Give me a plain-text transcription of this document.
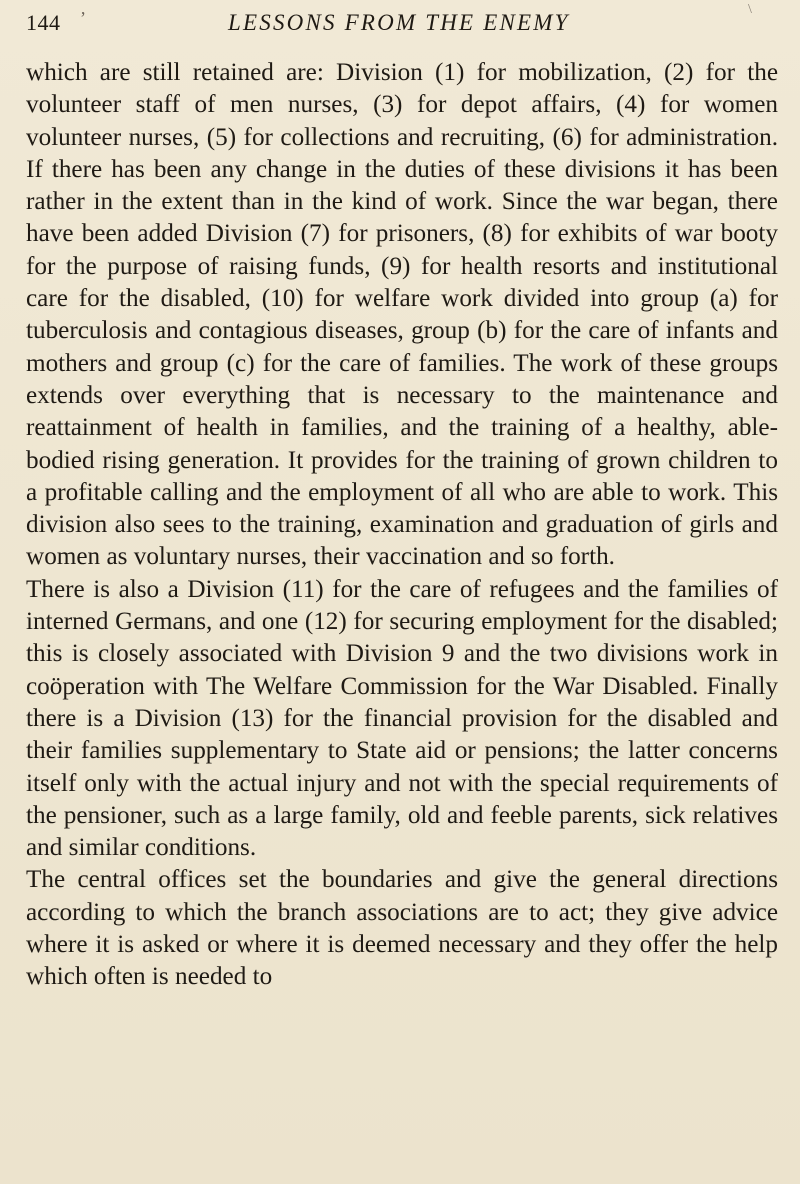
144 ʼ	LESSONS FROM THE ENEMY
\

which are still retained are: Division (1) for mobilization, (2) for the volunteer staff of men nurses, (3) for depot affairs, (4) for women volunteer nurses, (5) for collections and recruiting, (6) for administration. If there has been any change in the duties of these divisions it has been rather in the extent than in the kind of work. Since the war began, there have been added Division (7) for prisoners, (8) for exhibits of war booty for the purpose of raising funds, (9) for health resorts and institutional care for the disabled, (10) for welfare work divided into group (a) for tuberculosis and contagious diseases, group (b) for the care of infants and mothers and group (c) for the care of families. The work of these groups extends over everything that is necessary to the maintenance and reattainment of health in families, and the training of a healthy, able-bodied rising generation. It provides for the training of grown children to a profitable calling and the employment of all who are able to work. This division also sees to the training, examination and graduation of girls and women as voluntary nurses, their vaccination and so forth.

There is also a Division (11) for the care of refugees and the families of interned Germans, and one (12) for securing employment for the disabled; this is closely associated with Division 9 and the two divisions work in coöperation with The Welfare Commission for the War Disabled. Finally there is a Division (13) for the financial provision for the disabled and their families supplementary to State aid or pensions; the latter concerns itself only with the actual injury and not with the special requirements of the pensioner, such as a large family, old and feeble parents, sick relatives and similar conditions.

The central offices set the boundaries and give the general directions according to which the branch associations are to act; they give advice where it is asked or where it is deemed necessary and they offer the help which often is needed to
